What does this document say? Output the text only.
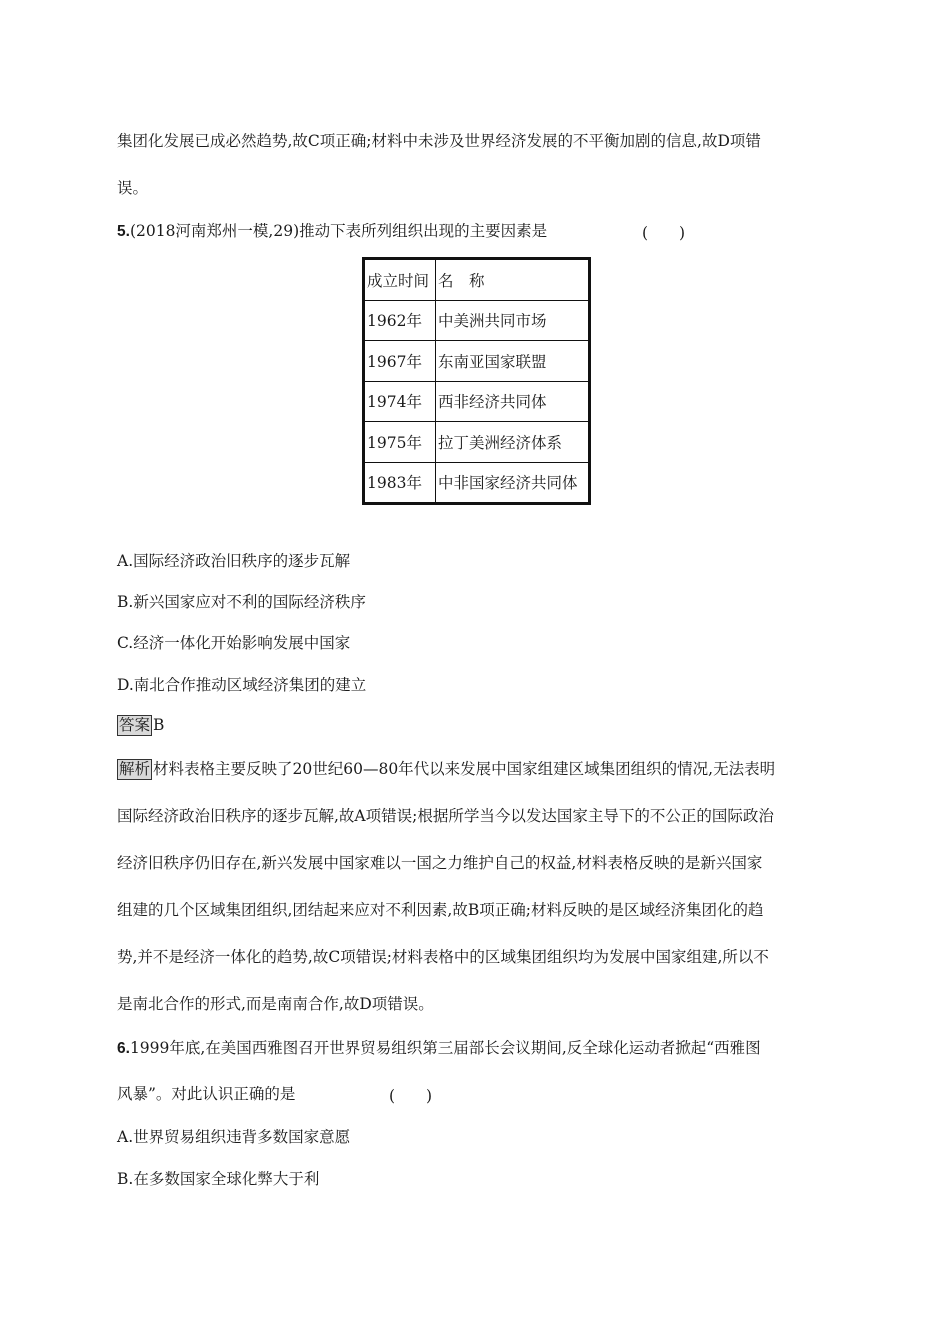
集团化发展已成必然趋势,故C项正确;材料中未涉及世界经济发展的不平衡加剧的信息,故D项错
误。
5.(2018河南郑州一模,29)推动下表所列组织出现的主要因素是	(　　)
成立时间	名　称
1962年	中美洲共同市场
1967年	东南亚国家联盟
1974年	西非经济共同体
1975年	拉丁美洲经济体系
1983年	中非国家经济共同体
A.国际经济政治旧秩序的逐步瓦解
B.新兴国家应对不利的国际经济秩序
C.经济一体化开始影响发展中国家
D.南北合作推动区域经济集团的建立
答案 B
解析 材料表格主要反映了20世纪60—80年代以来发展中国家组建区域集团组织的情况,无法表明
国际经济政治旧秩序的逐步瓦解,故A项错误;根据所学当今以发达国家主导下的不公正的国际政治
经济旧秩序仍旧存在,新兴发展中国家难以一国之力维护自己的权益,材料表格反映的是新兴国家
组建的几个区域集团组织,团结起来应对不利因素,故B项正确;材料反映的是区域经济集团化的趋
势,并不是经济一体化的趋势,故C项错误;材料表格中的区域集团组织均为发展中国家组建,所以不
是南北合作的形式,而是南南合作,故D项错误。
6.1999年底,在美国西雅图召开世界贸易组织第三届部长会议期间,反全球化运动者掀起“西雅图
风暴”。对此认识正确的是	(　　)
A.世界贸易组织违背多数国家意愿
B.在多数国家全球化弊大于利
